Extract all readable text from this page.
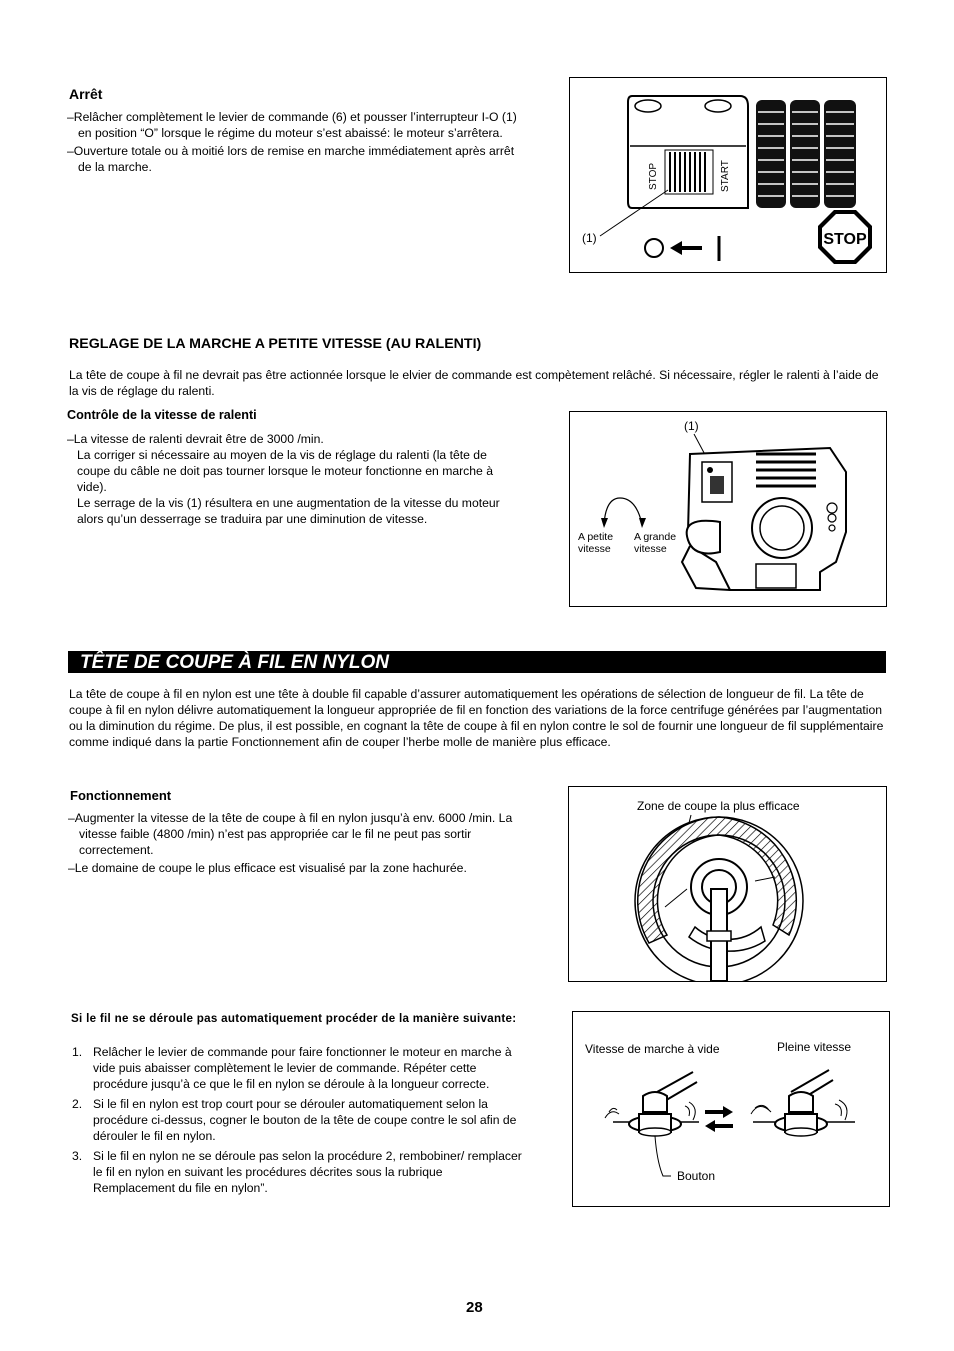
Arrêt
–Relâcher complètement le levier de commande (6) et pousser l’interrupteur I-O (1) en position “O” lorsque le régime du moteur s’est abaissé: le moteur s’arrêtera.
–Ouverture totale ou à moitié lors de remise en marche immédiatement après arrêt de la marche.	STOP	START
(1)	STOP
REGLAGE DE LA MARCHE A PETITE VITESSE (AU RALENTI)
La tête de coupe à fil ne devrait pas être actionnée lorsque le elvier de commande est compètement relâché. Si nécessaire, régler le ralenti à l’aide de la vis de réglage du ralenti.
Contrôle de la vitesse de ralenti
–La vitesse de ralenti devrait être de 3000 /min.
La corriger si nécessaire au moyen de la vis de réglage du ralenti (la tête de coupe du câble ne doit pas tourner lorsque le moteur fonctionne en marche à vide).
Le serrage de la vis (1) résultera en une augmentation de la vitesse du moteur alors qu’un desserrage se traduira par une diminution de vitesse.
(1)
A petite
vitesse
A grande
vitesse
TÊTE DE COUPE À FIL EN NYLON
La tête de coupe à fil en nylon est une tête à double fil capable d’assurer automatiquement les opérations de sélection de longueur de fil. La tête de coupe à fil en nylon délivre automatiquement la longueur appropriée de fil en fonction des variations de la force centrifuge générées par l’augmentation ou la diminution du régime. De plus, il est possible, en cognant la tête de coupe à fil en nylon contre le sol de fournir une longueur de fil supplémentaire comme indiqué dans la partie Fonctionnement afin de couper l’herbe molle de manière plus efficace.
Fonctionnement
–Augmenter la vitesse de la tête de coupe à fil en nylon jusqu’à env. 6000 /min. La vitesse faible (4800 /min) n’est pas appropriée car le fil ne peut pas sortir correctement.
–Le domaine de coupe le plus efficace est visualisé par la zone hachurée.
Zone de coupe la plus efficace
Si le fil ne se déroule pas automatiquement procéder de la manière suivante:
1. Relâcher le levier de commande pour faire fonctionner le moteur en marche à vide puis abaisser complètement le levier de commande. Répéter cette procédure jusqu’à ce que le fil en nylon se déroule à la longueur correcte.
2. Si le fil en nylon est trop court pour se dérouler automatiquement selon la procédure ci-dessus, cogner le bouton de la tête de coupe contre le sol afin de dérouler le fil en nylon.
3. Si le fil en nylon ne se déroule pas selon la procédure 2, rembobiner/ remplacer le fil en nylon en suivant les procédures décrites sous la rubrique Remplacement du file en nylon”.
Vitesse de marche à vide	Pleine vitesse
Bouton
28
